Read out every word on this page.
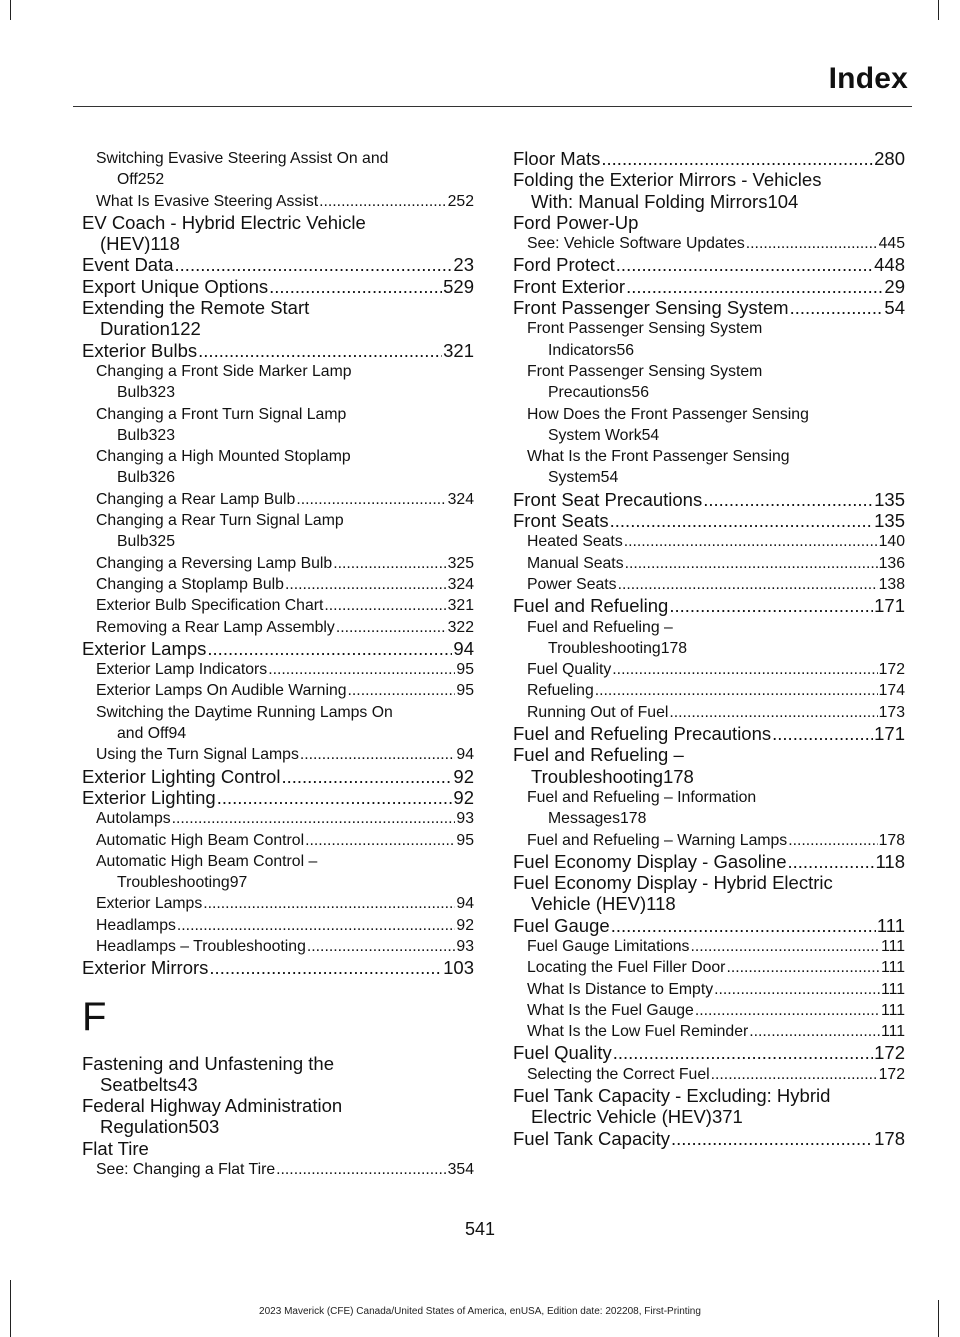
Index
Switching Evasive Steering Assist On and
Off 252
What Is Evasive Steering Assist .....	252
EV Coach - Hybrid Electric Vehicle
(HEV) 118
Event Data .....	23
Export Unique Options .....	529
Extending the Remote Start
Duration 122
Exterior Bulbs .....	321
Changing a Front Side Marker Lamp
Bulb 323
Changing a Front Turn Signal Lamp
Bulb 323
Changing a High Mounted Stoplamp
Bulb 326
Changing a Rear Lamp Bulb .....	324
Changing a Rear Turn Signal Lamp
Bulb 325
Changing a Reversing Lamp Bulb .....	325
Changing a Stoplamp Bulb .....	324
Exterior Bulb Specification Chart .....	321
Removing a Rear Lamp Assembly .....	322
Exterior Lamps .....	94
Exterior Lamp Indicators .....	95
Exterior Lamps On Audible Warning .....	95
Switching the Daytime Running Lamps On
and Off 94
Using the Turn Signal Lamps .....	94
Exterior Lighting Control .....	92
Exterior Lighting .....	92
Autolamps .....	93
Automatic High Beam Control .....	95
Automatic High Beam Control –
Troubleshooting 97
Exterior Lamps .....	94
Headlamps .....	92
Headlamps – Troubleshooting .....	93
Exterior Mirrors .....	103
F
Fastening and Unfastening the
Seatbelts 43
Federal Highway Administration
Regulation 503
Flat Tire
See: Changing a Flat Tire .....	354
Floor Mats .....	280
Folding the Exterior Mirrors - Vehicles
With: Manual Folding Mirrors 104
Ford Power-Up
See: Vehicle Software Updates .....	445
Ford Protect .....	448
Front Exterior .....	29
Front Passenger Sensing System .....	54
Front Passenger Sensing System
Indicators 56
Front Passenger Sensing System
Precautions 56
How Does the Front Passenger Sensing
System Work 54
What Is the Front Passenger Sensing
System 54
Front Seat Precautions .....	135
Front Seats .....	135
Heated Seats .....	140
Manual Seats .....	136
Power Seats .....	138
Fuel and Refueling .....	171
Fuel and Refueling –
Troubleshooting 178
Fuel Quality .....	172
Refueling .....	174
Running Out of Fuel .....	173
Fuel and Refueling Precautions .....	171
Fuel and Refueling –
Troubleshooting 178
Fuel and Refueling – Information
Messages 178
Fuel and Refueling – Warning Lamps .....	178
Fuel Economy Display - Gasoline .....	118
Fuel Economy Display - Hybrid Electric
Vehicle (HEV) 118
Fuel Gauge .....	111
Fuel Gauge Limitations .....	111
Locating the Fuel Filler Door .....	111
What Is Distance to Empty .....	111
What Is the Fuel Gauge .....	111
What Is the Low Fuel Reminder .....	111
Fuel Quality .....	172
Selecting the Correct Fuel .....	172
Fuel Tank Capacity - Excluding: Hybrid
Electric Vehicle (HEV) 371
Fuel Tank Capacity .....	178
541
2023 Maverick (CFE) Canada/United States of America, enUSA, Edition date: 202208, First-Printing
